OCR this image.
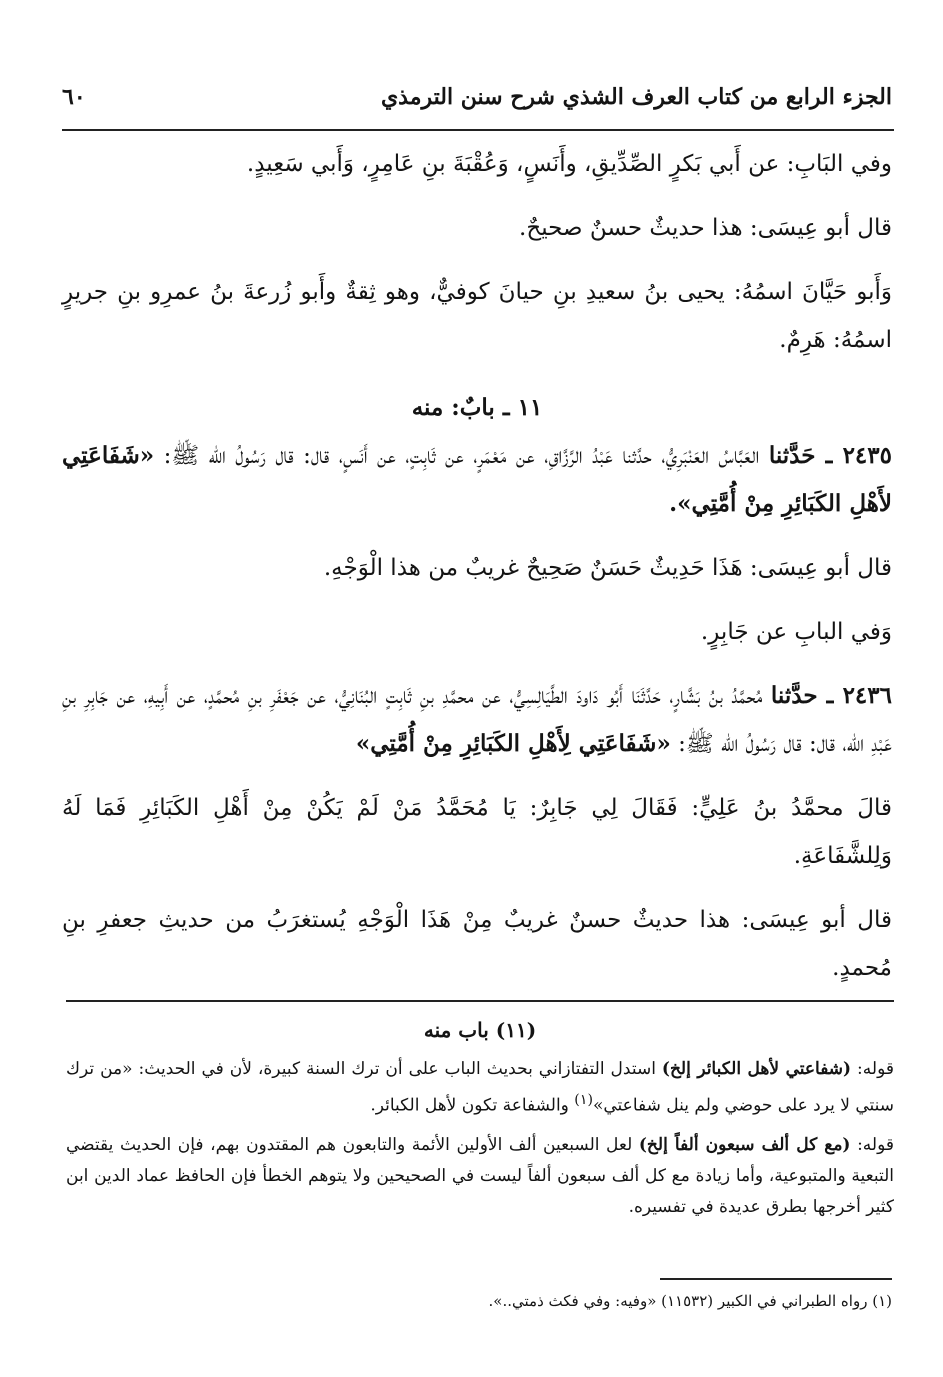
الجزء الرابع من كتاب العرف الشذي شرح سنن الترمذي
٦٠

وفي البَابِ: عن أَبي بَكرٍ الصِّدِّيقِ، وأَنَسٍ، وَعُقْبَةَ بنِ عَامِرٍ، وَأَبي سَعِيدٍ.

قال أبو عِيسَى: هذا حديثٌ حسنٌ صحيحٌ.

وَأَبو حَيَّانَ اسمُهُ: يحيى بنُ سعيدِ بنِ حيانَ كوفيٌّ، وهو ثِقةٌ وأَبو زُرعةَ بنُ عمرِو بنِ جريرٍ اسمُهُ: هَرِمٌ.

١١ ـ بابٌ: منه

٢٤٣٥ ـ حَدَّثنا العَبَّاسُ العَنْبَرِيُّ، حدَّثنا عَبْدُ الرَّزَّاقِ، عن مَعْمَرٍ، عن ثَابِتٍ، عن أَنَسٍ، قال: قال رَسُولُ الله ﷺ: «شَفَاعَتِي لأَهْلِ الكَبَائِرِ مِنْ أُمَّتِي».

قال أبو عِيسَى: هَذَا حَدِيثٌ حَسَنٌ صَحِيحٌ غريبٌ من هذا الْوَجْهِ.

وَفي البابِ عن جَابِرٍ.

٢٤٣٦ ـ حدَّثنا مُحمَّدُ بنُ بَشَّارٍ، حَدَّثَنَا أَبُو دَاودَ الطَّيَالِسِيُّ، عن محمَّدِ بنِ ثَابِتٍ البُنَانِيُّ، عن جَعْفَرِ بنِ مُحمَّدٍ، عن أَبِيهِ، عن جَابِرِ بنِ عَبْدِ الله، قال: قال رَسُولُ الله ﷺ: «شَفَاعَتِي لِأَهْلِ الكَبَائِرِ مِنْ أُمَّتِي»

قالَ محمَّدُ بنُ عَلِيٍّ: فَقَالَ لِي جَابِرٌ: يَا مُحَمَّدُ مَنْ لَمْ يَكُنْ مِنْ أَهْلِ الكَبَائِرِ فَمَا لَهُ وَلِلشَّفَاعَةِ.

قال أبو عِيسَى: هذا حديثٌ حسنٌ غريبٌ مِنْ هَذَا الْوَجْهِ يُستغرَبُ من حديثِ جعفرِ بنِ مُحمدٍ.

(١١) باب منه

قوله: (شفاعتي لأهل الكبائر إلخ) استدل التفتازاني بحديث الباب على أن ترك السنة كبيرة، لأن في الحديث: «من ترك سنتي لا يرد على حوضي ولم ينل شفاعتي»$^{(١)}$ والشفاعة تكون لأهل الكبائر.

قوله: (مع كل ألف سبعون ألفاً إلخ) لعل السبعين ألف الأولين الأئمة والتابعون هم المقتدون بهم، فإن الحديث يقتضي التبعية والمتبوعية، وأما زيادة مع كل ألف سبعون ألفاً ليست في الصحيحين ولا يتوهم الخطأ فإن الحافظ عماد الدين ابن كثير أخرجها بطرق عديدة في تفسيره.

(١) رواه الطبراني في الكبير (١١٥٣٢) «وفيه: وفي فكث ذمتي..».
